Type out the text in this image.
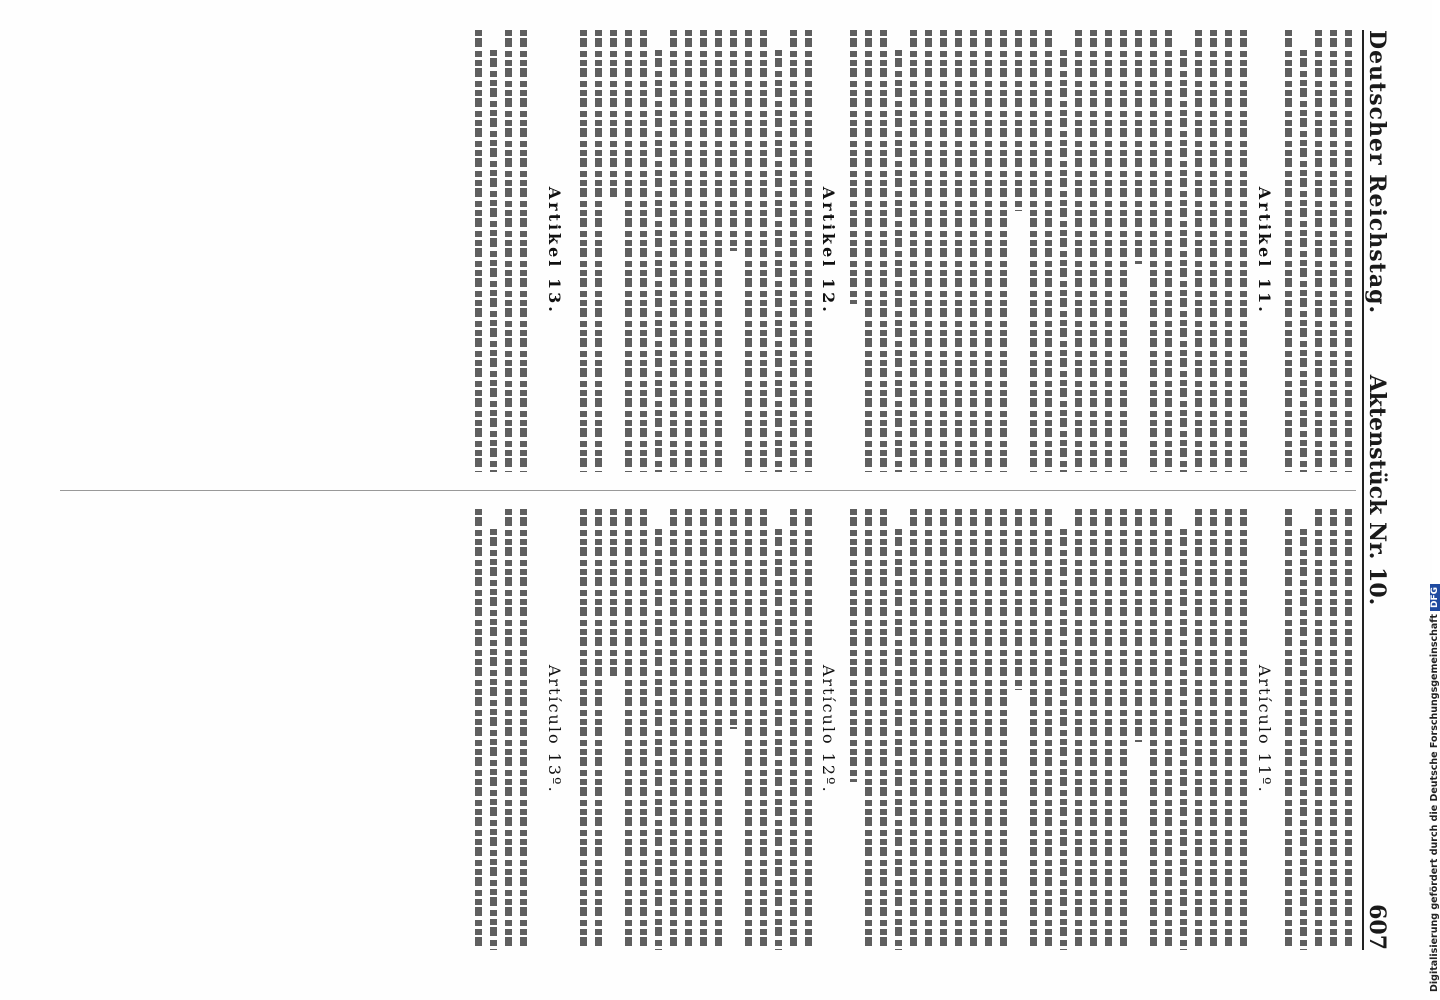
Deutscher Reichstag.
Aktenstück Nr. 10.
607
Artikel 11.
Artikel 12.
Artikel 13.
Artículo 11º.
Artículo 12º.
Artículo 13º.	Digitalisierung gefördert durch die Deutsche ForschungsgemeinschaftDFG
